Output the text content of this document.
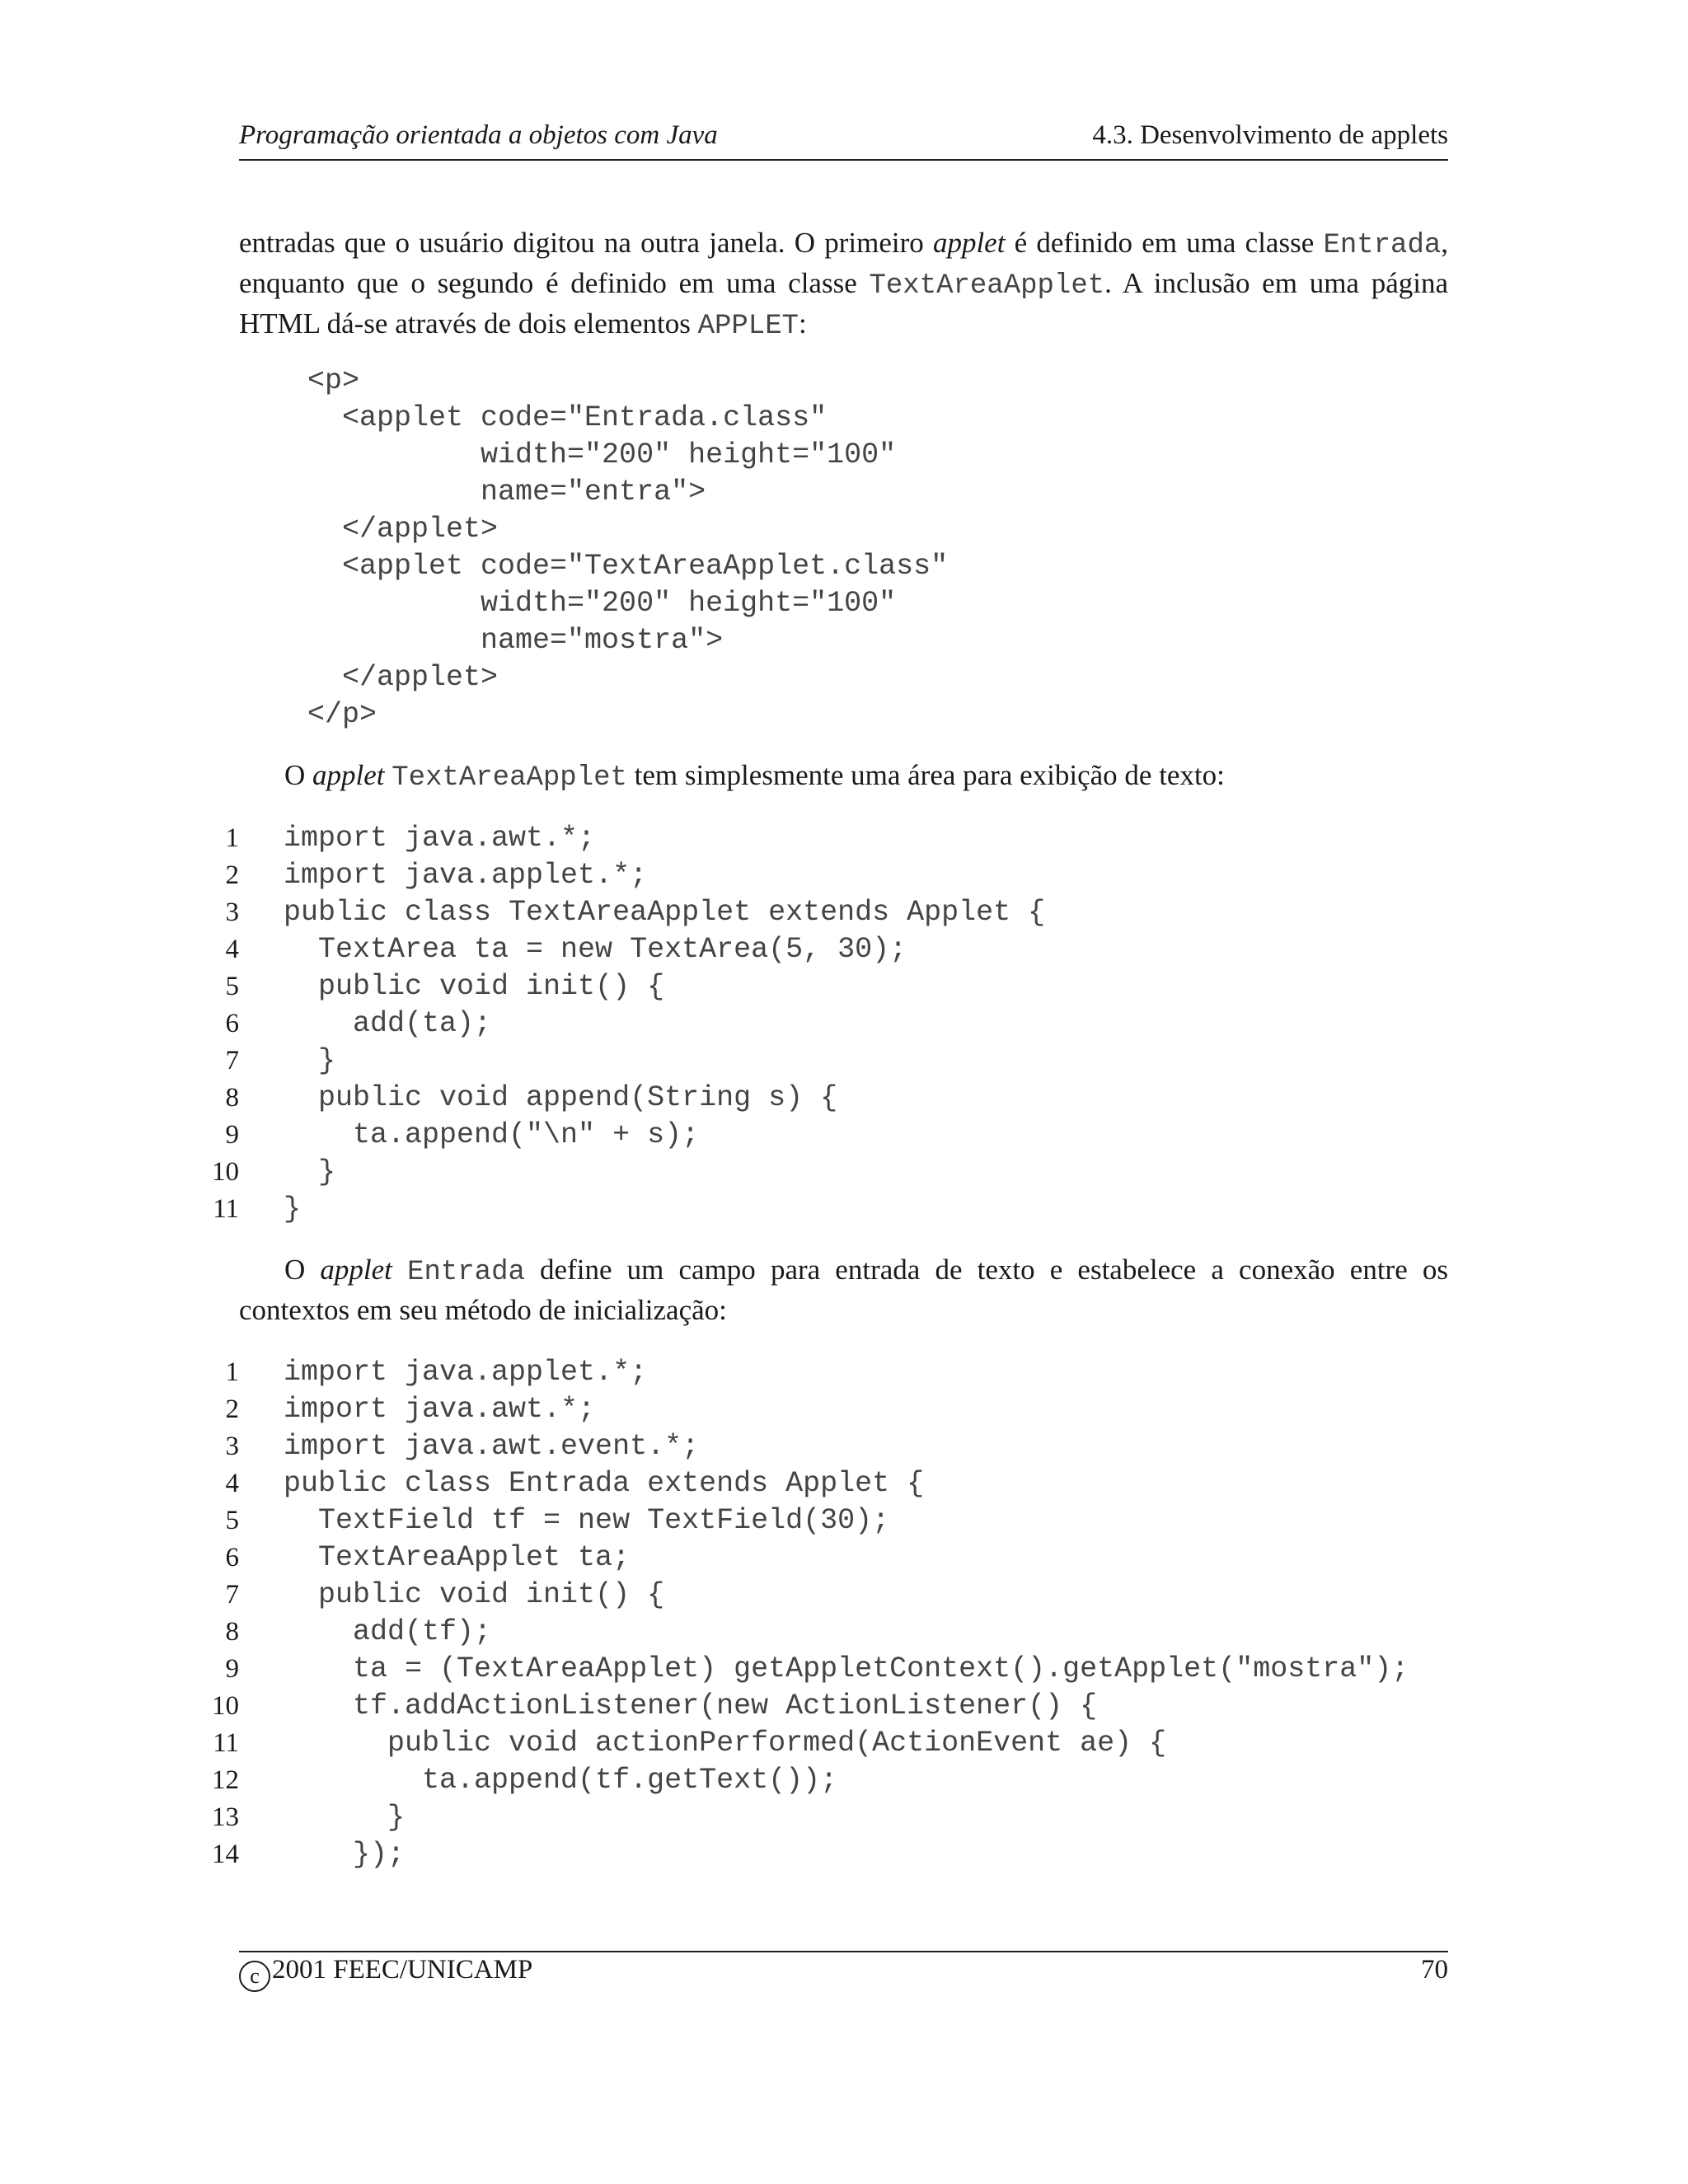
Programação orientada a objetos com Java	4.3. Desenvolvimento de applets

entradas que o usuário digitou na outra janela. O primeiro applet é definido em uma classe Entrada, enquanto que o segundo é definido em uma classe TextAreaApplet. A inclusão em uma página HTML dá-se através de dois elementos APPLET:

<p>
<applet code="Entrada.class"
width="200" height="100"
name="entra">
</applet>
<applet code="TextAreaApplet.class"
width="200" height="100"
name="mostra">
</applet>
</p>

O applet TextAreaApplet tem simplesmente uma área para exibição de texto:

1 import java.awt.*;
2 import java.applet.*;
3 public class TextAreaApplet extends Applet {
4 TextArea ta = new TextArea(5, 30);
5 public void init() {
6 add(ta);
7 }
8 public void append(String s) {
9 ta.append("\n" + s);
10 }
11 }

O applet Entrada define um campo para entrada de texto e estabelece a conexão entre os contextos em seu método de inicialização:

1 import java.applet.*;
2 import java.awt.*;
3 import java.awt.event.*;
4 public class Entrada extends Applet {
5 TextField tf = new TextField(30);
6 TextAreaApplet ta;
7 public void init() {
8 add(tf);
9 ta = (TextAreaApplet) getAppletContext().getApplet("mostra");
10 tf.addActionListener(new ActionListener() {
11 public void actionPerformed(ActionEvent ae) {
12 ta.append(tf.getText());
13 }
14 });
c 2001 FEEC/UNICAMP	70
